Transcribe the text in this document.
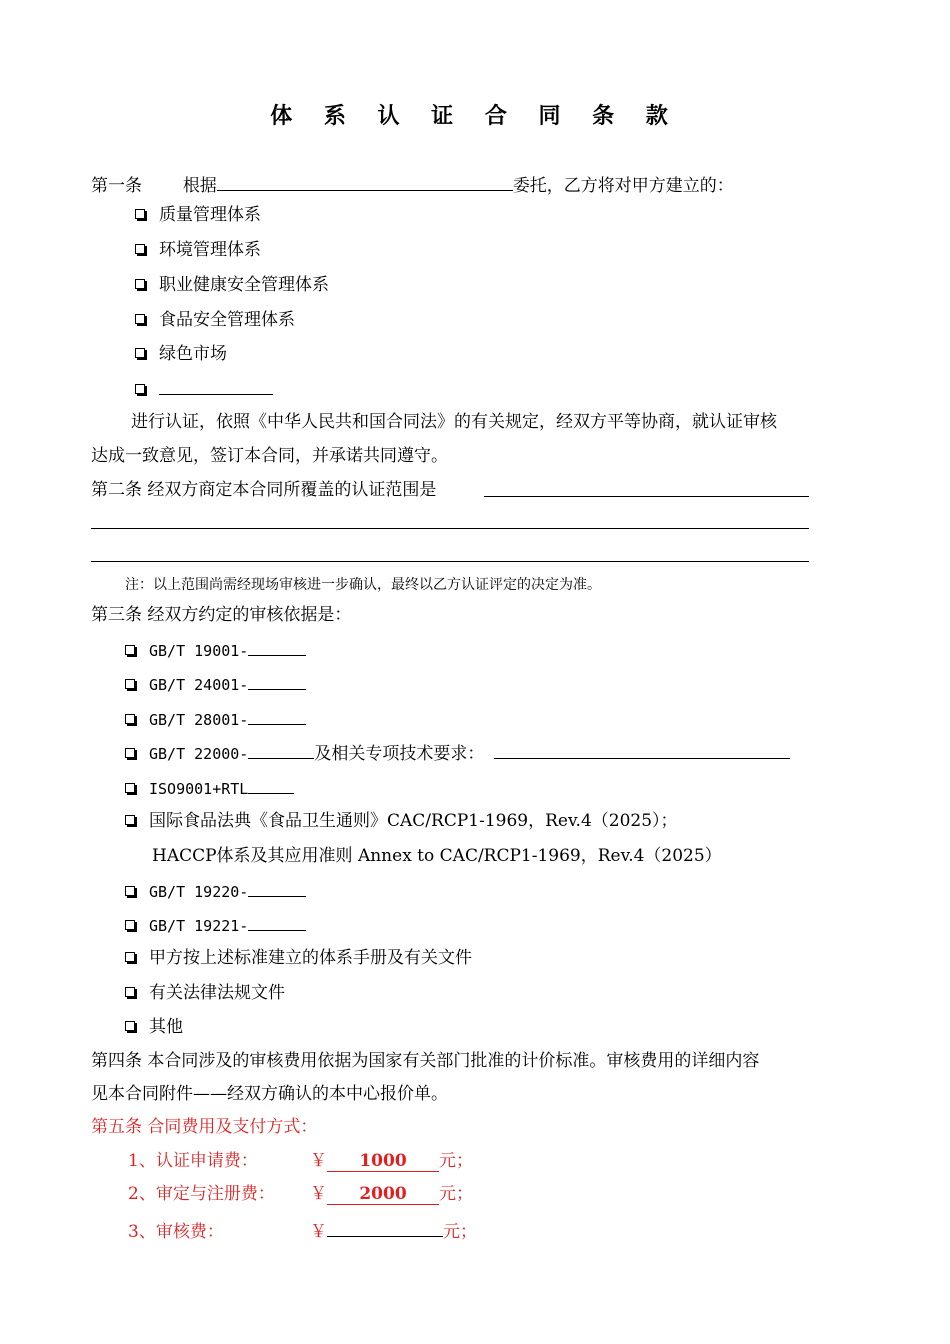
体 系 认 证 合 同 条 款
第一条 根据	委托，乙方将对甲方建立的：
质量管理体系
环境管理体系
职业健康安全管理体系
食品安全管理体系
绿色市场
进行认证，依照《中华人民共和国合同法》的有关规定，经双方平等协商，就认证审核
达成一致意见，签订本合同，并承诺共同遵守。
第二条 经双方商定本合同所覆盖的认证范围是
注：以上范围尚需经现场审核进一步确认，最终以乙方认证评定的决定为准。
第三条 经双方约定的审核依据是：
GB/T 19001-
GB/T 24001-
GB/T 28001-
GB/T 22000-	及相关专项技术要求：
ISO9001+RTL
国际食品法典《食品卫生通则》CAC/RCP1-1969，Rev.4（2025）；
HACCP体系及其应用准则 Annex to CAC/RCP1-1969，Rev.4（2025）
GB/T 19220-
GB/T 19221-
甲方按上述标准建立的体系手册及有关文件
有关法律法规文件
其他
第四条 本合同涉及的审核费用依据为国家有关部门批准的计价标准。审核费用的详细内容
见本合同附件——经双方确认的本中心报价单。
第五条 合同费用及支付方式：
1、认证申请费：	￥ 1000 元；
2、审定与注册费： ￥ 2000 元；
3、审核费：	￥	元；
